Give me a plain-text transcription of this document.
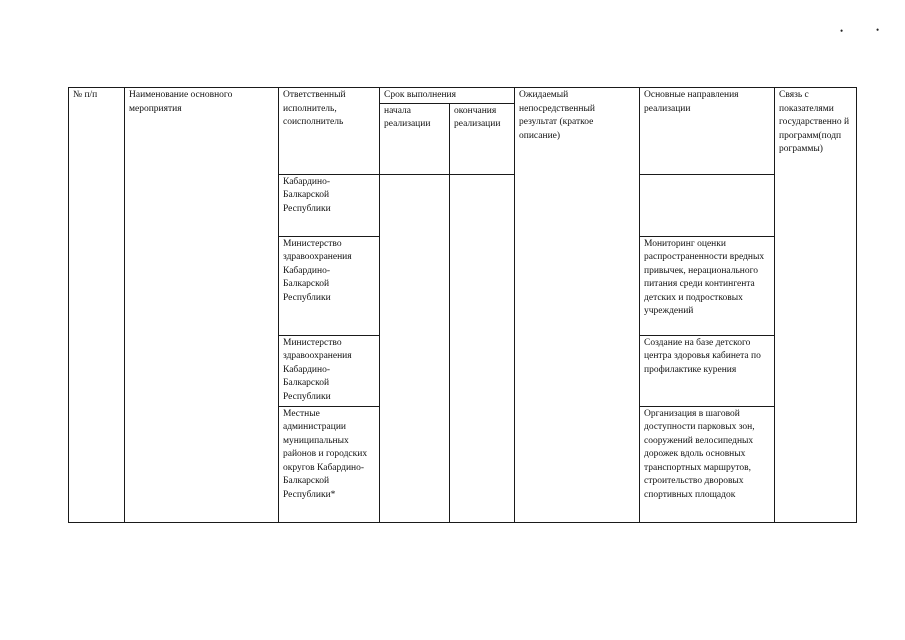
•	•
№ п/п	Наименование основного мероприятия	Ответственный исполнитель, соисполнитель	Срок выполнения		Ожидаемый непосредственный результат (краткое описание)	Основные направления реализации	Связь с показателями государственно й программ(подп рограммы)
			начала реализации	окончания реализации			
		Кабардино-Балкарской Республики					
		Министерство здравоохранения Кабардино-Балкарской Республики				Мониторинг оценки распространенности вредных привычек, нерационального питания среди контингента детских и подростковых учреждений	
		Министерство здравоохранения Кабардино-Балкарской Республики				Создание на базе детского центра здоровья кабинета по профилактике курения	
		Местные администрации муниципальных районов и городских округов Кабардино-Балкарской Республики*				Организация в шаговой доступности парковых зон, сооружений велосипедных дорожек вдоль основных транспортных маршрутов, строительство дворовых спортивных площадок	
